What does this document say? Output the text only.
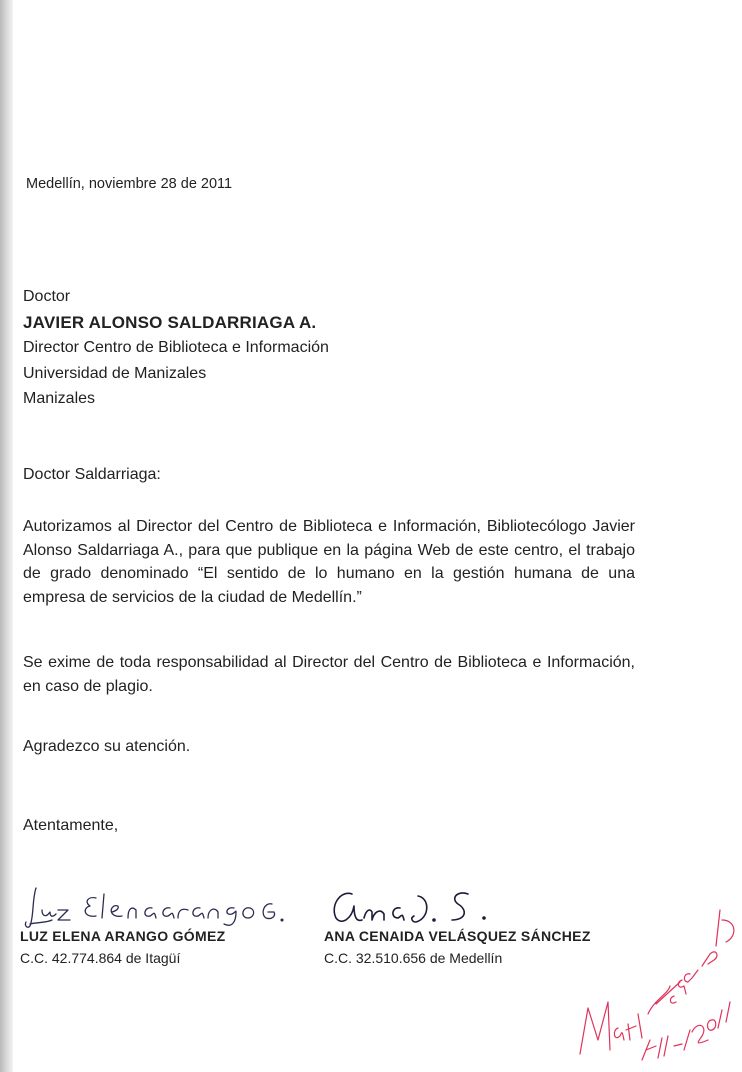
Medellín, noviembre 28 de 2011

Doctor
JAVIER ALONSO SALDARRIAGA A.
Director Centro de Biblioteca e Información
Universidad de Manizales
Manizales

Doctor Saldarriaga:

Autorizamos al Director del Centro de Biblioteca e Información, Bibliotecólogo Javier Alonso Saldarriaga A., para que publique en la página Web de este centro, el trabajo de grado denominado “El sentido de lo humano en la gestión humana de una empresa de servicios de la ciudad de Medellín.”

Se exime de toda responsabilidad al Director del Centro de Biblioteca e Información, en caso de plagio.

Agradezco su atención.

Atentamente,

LUZ ELENA ARANGO GÓMEZ

C.C. 42.774.864 de Itagüí

ANA CENAIDA VELÁSQUEZ SÁNCHEZ

C.C. 32.510.656 de Medellín
